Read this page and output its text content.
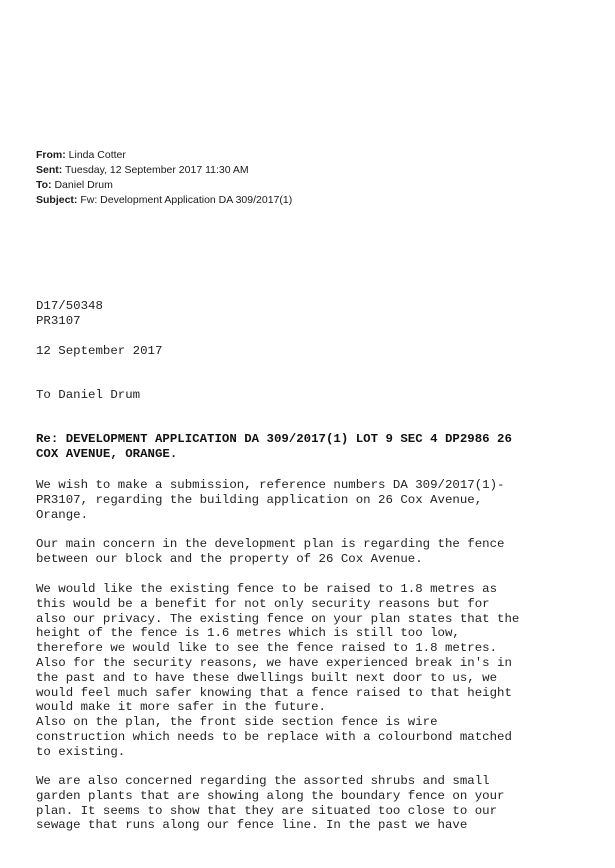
From: Linda Cotter
Sent: Tuesday, 12 September 2017 11:30 AM
To: Daniel Drum
Subject: Fw: Development Application DA 309/2017(1)
D17/50348
PR3107
12 September 2017
To Daniel Drum
Re: DEVELOPMENT APPLICATION DA 309/2017(1) LOT 9 SEC 4 DP2986 26
COX AVENUE, ORANGE.
We wish to make a submission, reference numbers DA 309/2017(1)-
PR3107, regarding the building application on 26 Cox Avenue,
Orange.
Our main concern in the development plan is regarding the fence
between our block and the property of 26 Cox Avenue.
We would like the existing fence to be raised to 1.8 metres as
this would be a benefit for not only security reasons but for
also our privacy. The existing fence on your plan states that the
height of the fence is 1.6 metres which is still too low,
therefore we would like to see the fence raised to 1.8 metres.
Also for the security reasons, we have experienced break in's in
the past and to have these dwellings built next door to us, we
would feel much safer knowing that a fence raised to that height
would make it more safer in the future.
Also on the plan, the front side section fence is wire
construction which needs to be replace with a colourbond matched
to existing.
We are also concerned regarding the assorted shrubs and small
garden plants that are showing along the boundary fence on your
plan. It seems to show that they are situated too close to our
sewage that runs along our fence line. In the past we have
